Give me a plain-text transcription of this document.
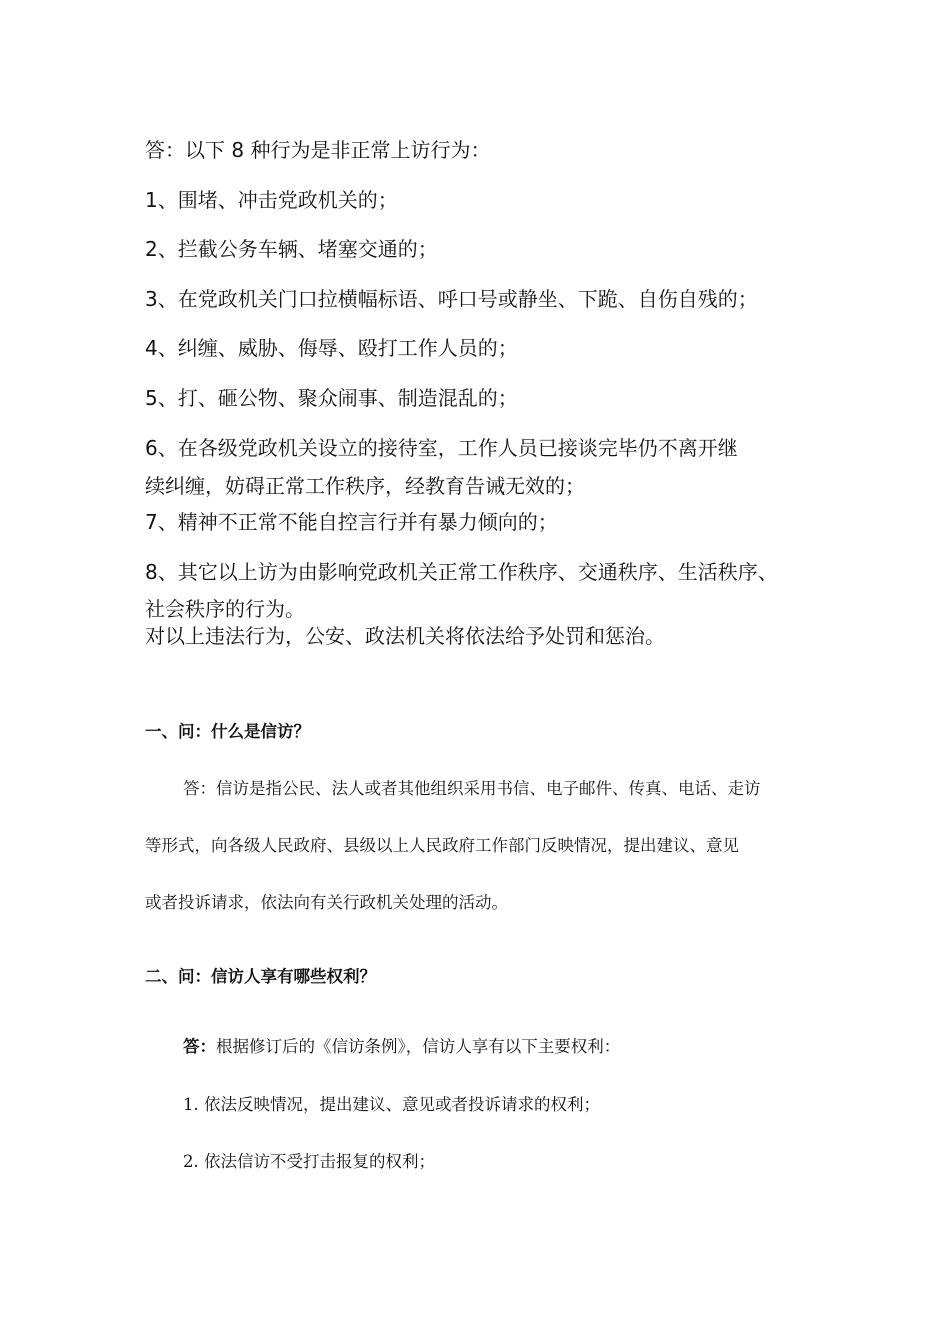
答：以下 8 种行为是非正常上访行为：
1、围堵、冲击党政机关的；
2、拦截公务车辆、堵塞交通的；
3、在党政机关门口拉横幅标语、呼口号或静坐、下跪、自伤自残的；
4、纠缠、威胁、侮辱、殴打工作人员的；
5、打、砸公物、聚众闹事、制造混乱的；
6、在各级党政机关设立的接待室，工作人员已接谈完毕仍不离开继
续纠缠，妨碍正常工作秩序，经教育告诫无效的；
7、精神不正常不能自控言行并有暴力倾向的；
8、其它以上访为由影响党政机关正常工作秩序、交通秩序、生活秩序、
社会秩序的行为。
对以上违法行为，公安、政法机关将依法给予处罚和惩治。
一、问：什么是信访？
答：信访是指公民、法人或者其他组织采用书信、电子邮件、传真、电话、走访
等形式，向各级人民政府、县级以上人民政府工作部门反映情况，提出建议、意见
或者投诉请求，依法向有关行政机关处理的活动。
二、问：信访人享有哪些权利？
答：根据修订后的《信访条例》，信访人享有以下主要权利：
1. 依法反映情况，提出建议、意见或者投诉请求的权利；
2. 依法信访不受打击报复的权利；
